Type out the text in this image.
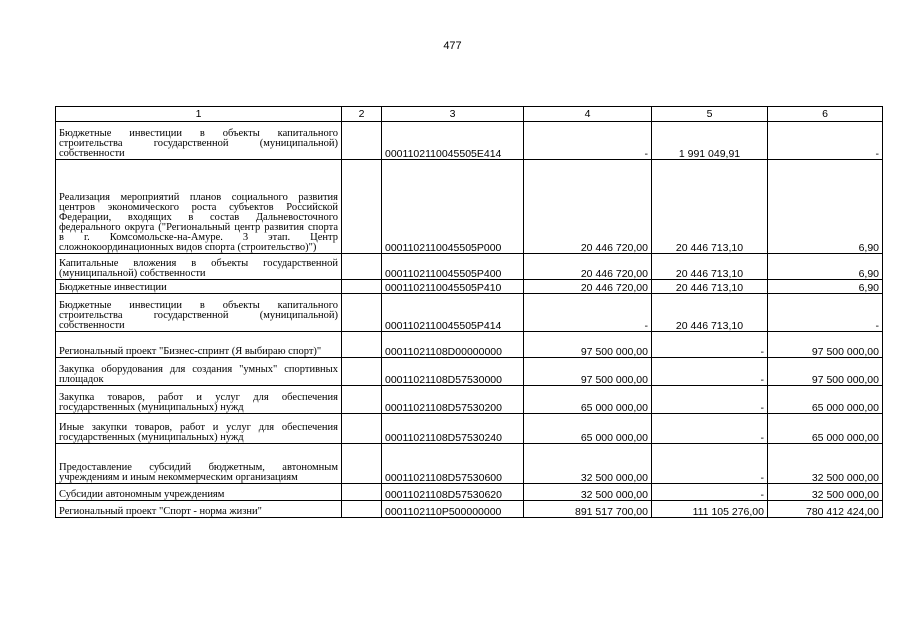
477
1	2	3	4	5	6
Бюджетные инвестиции в объекты капитального строительства государственной (муниципальной) собственности		0001102110045505E414	-	1 991 049,91	-
Реализация мероприятий планов социального развития центров экономического роста субъектов Российской Федерации, входящих в состав Дальневосточного федерального округа ("Региональный центр развития спорта в г. Комсомольске-на-Амуре. 3 этап. Центр сложнокоординационных видов спорта (строительство)")		0001102110045505P000	20 446 720,00	20 446 713,10	6,90
Капитальные вложения в объекты государственной (муниципальной) собственности		0001102110045505P400	20 446 720,00	20 446 713,10	6,90
Бюджетные инвестиции		0001102110045505P410	20 446 720,00	20 446 713,10	6,90
Бюджетные инвестиции в объекты капитального строительства государственной (муниципальной) собственности		0001102110045505P414	-	20 446 713,10	-
Региональный проект "Бизнес-спринт (Я выбираю спорт)"		00011021108D00000000	97 500 000,00	-	97 500 000,00
Закупка оборудования для создания "умных" спортивных площадок		00011021108D57530000	97 500 000,00	-	97 500 000,00
Закупка товаров, работ и услуг для обеспечения государственных (муниципальных) нужд		00011021108D57530200	65 000 000,00	-	65 000 000,00
Иные закупки товаров, работ и услуг для обеспечения государственных (муниципальных) нужд		00011021108D57530240	65 000 000,00	-	65 000 000,00
Предоставление субсидий бюджетным, автономным учреждениям и иным некоммерческим организациям		00011021108D57530600	32 500 000,00	-	32 500 000,00
Субсидии автономным учреждениям		00011021108D57530620	32 500 000,00	-	32 500 000,00
Региональный проект "Спорт - норма жизни"		0001102110P500000000	891 517 700,00	111 105 276,00	780 412 424,00
